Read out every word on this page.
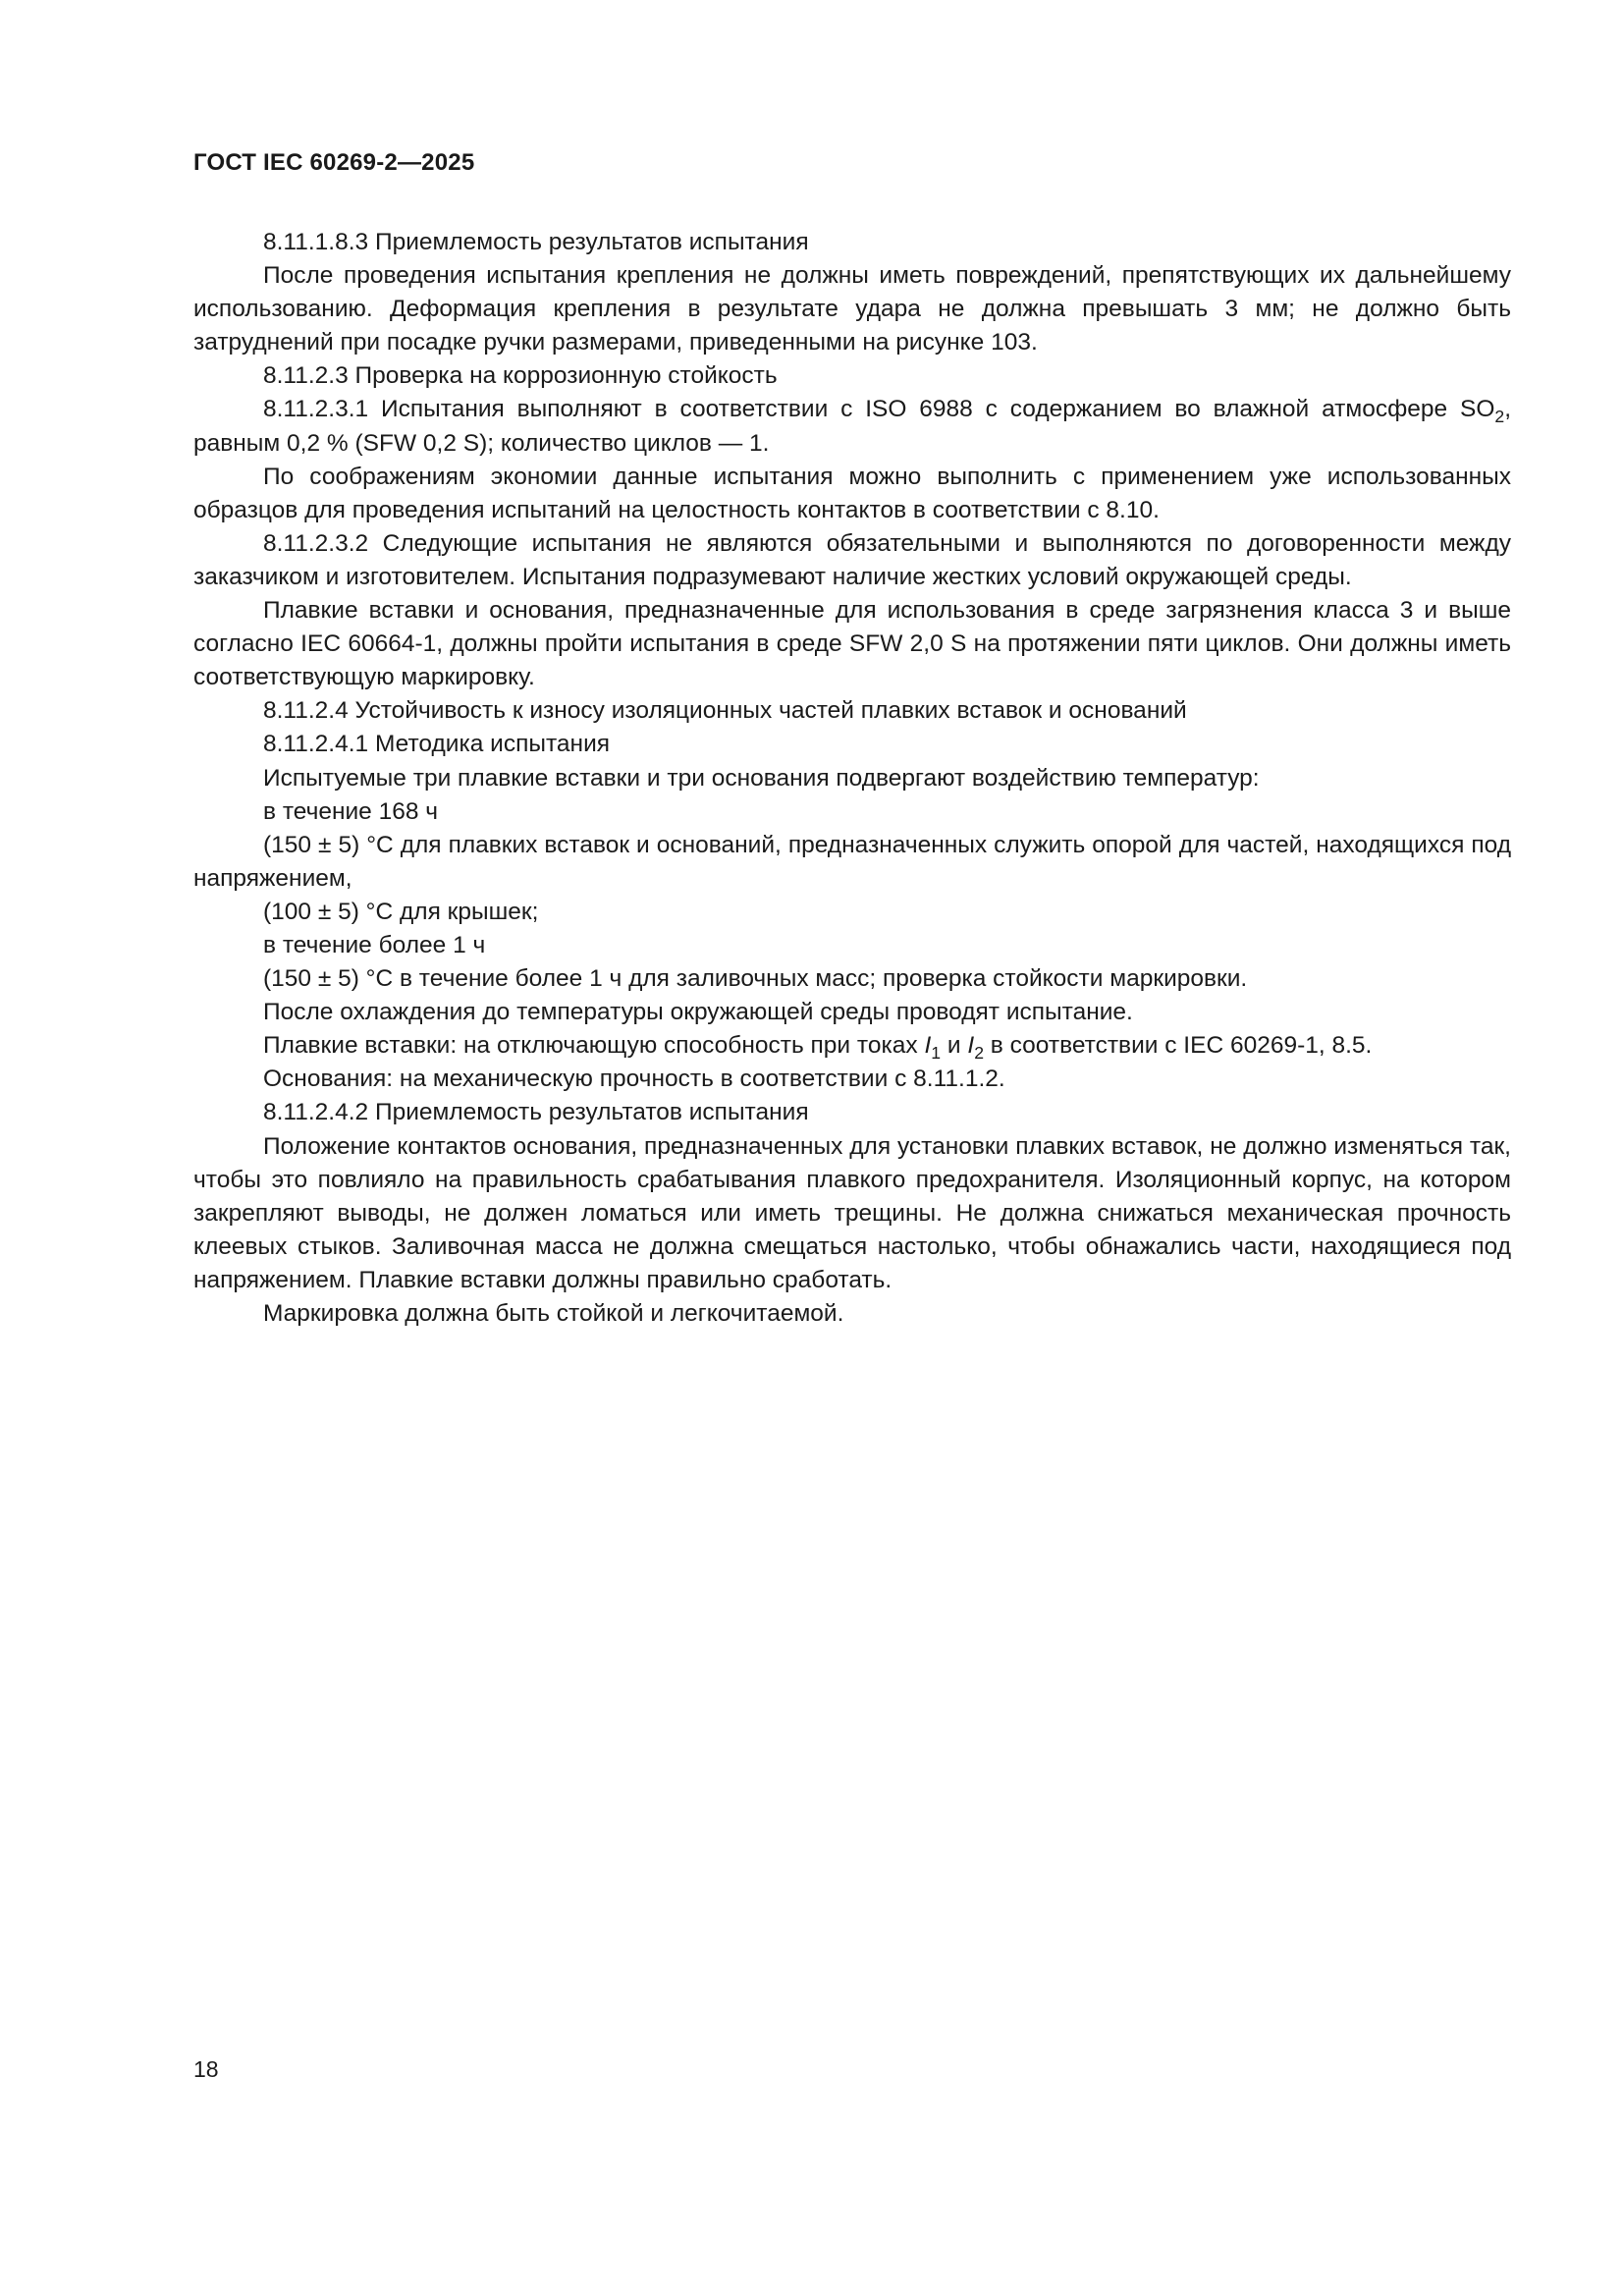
ГОСТ IEC 60269-2—2025

8.11.1.8.3 Приемлемость результатов испытания

После проведения испытания крепления не должны иметь повреждений, препятствующих их дальнейшему использованию. Деформация крепления в результате удара не должна превышать 3 мм; не должно быть затруднений при посадке ручки размерами, приведенными на рисунке 103.

8.11.2.3 Проверка на коррозионную стойкость

8.11.2.3.1 Испытания выполняют в соответствии с ISO 6988 с содержанием во влажной атмосфере $SO_2$, равным 0,2 % (SFW 0,2 S); количество циклов — 1.

По соображениям экономии данные испытания можно выполнить с применением уже использованных образцов для проведения испытаний на целостность контактов в соответствии с 8.10.

8.11.2.3.2 Следующие испытания не являются обязательными и выполняются по договоренности между заказчиком и изготовителем. Испытания подразумевают наличие жестких условий окружающей среды.

Плавкие вставки и основания, предназначенные для использования в среде загрязнения класса 3 и выше согласно IEC 60664-1, должны пройти испытания в среде SFW 2,0 S на протяжении пяти циклов. Они должны иметь соответствующую маркировку.

8.11.2.4 Устойчивость к износу изоляционных частей плавких вставок и оснований

8.11.2.4.1 Методика испытания

Испытуемые три плавкие вставки и три основания подвергают воздействию температур:

в течение 168 ч

(150 ± 5) °С для плавких вставок и оснований, предназначенных служить опорой для частей, находящихся под напряжением,

(100 ± 5) °С для крышек;

в течение более 1 ч

(150 ± 5) °С в течение более 1 ч для заливочных масс; проверка стойкости маркировки.

После охлаждения до температуры окружающей среды проводят испытание.

Плавкие вставки: на отключающую способность при токах $I_1$ и $I_2$ в соответствии с IEC 60269-1, 8.5.

Основания: на механическую прочность в соответствии с 8.11.1.2.

8.11.2.4.2 Приемлемость результатов испытания

Положение контактов основания, предназначенных для установки плавких вставок, не должно изменяться так, чтобы это повлияло на правильность срабатывания плавкого предохранителя. Изоляционный корпус, на котором закрепляют выводы, не должен ломаться или иметь трещины. Не должна снижаться механическая прочность клеевых стыков. Заливочная масса не должна смещаться настолько, чтобы обнажались части, находящиеся под напряжением. Плавкие вставки должны правильно сработать.

Маркировка должна быть стойкой и легкочитаемой.

18
